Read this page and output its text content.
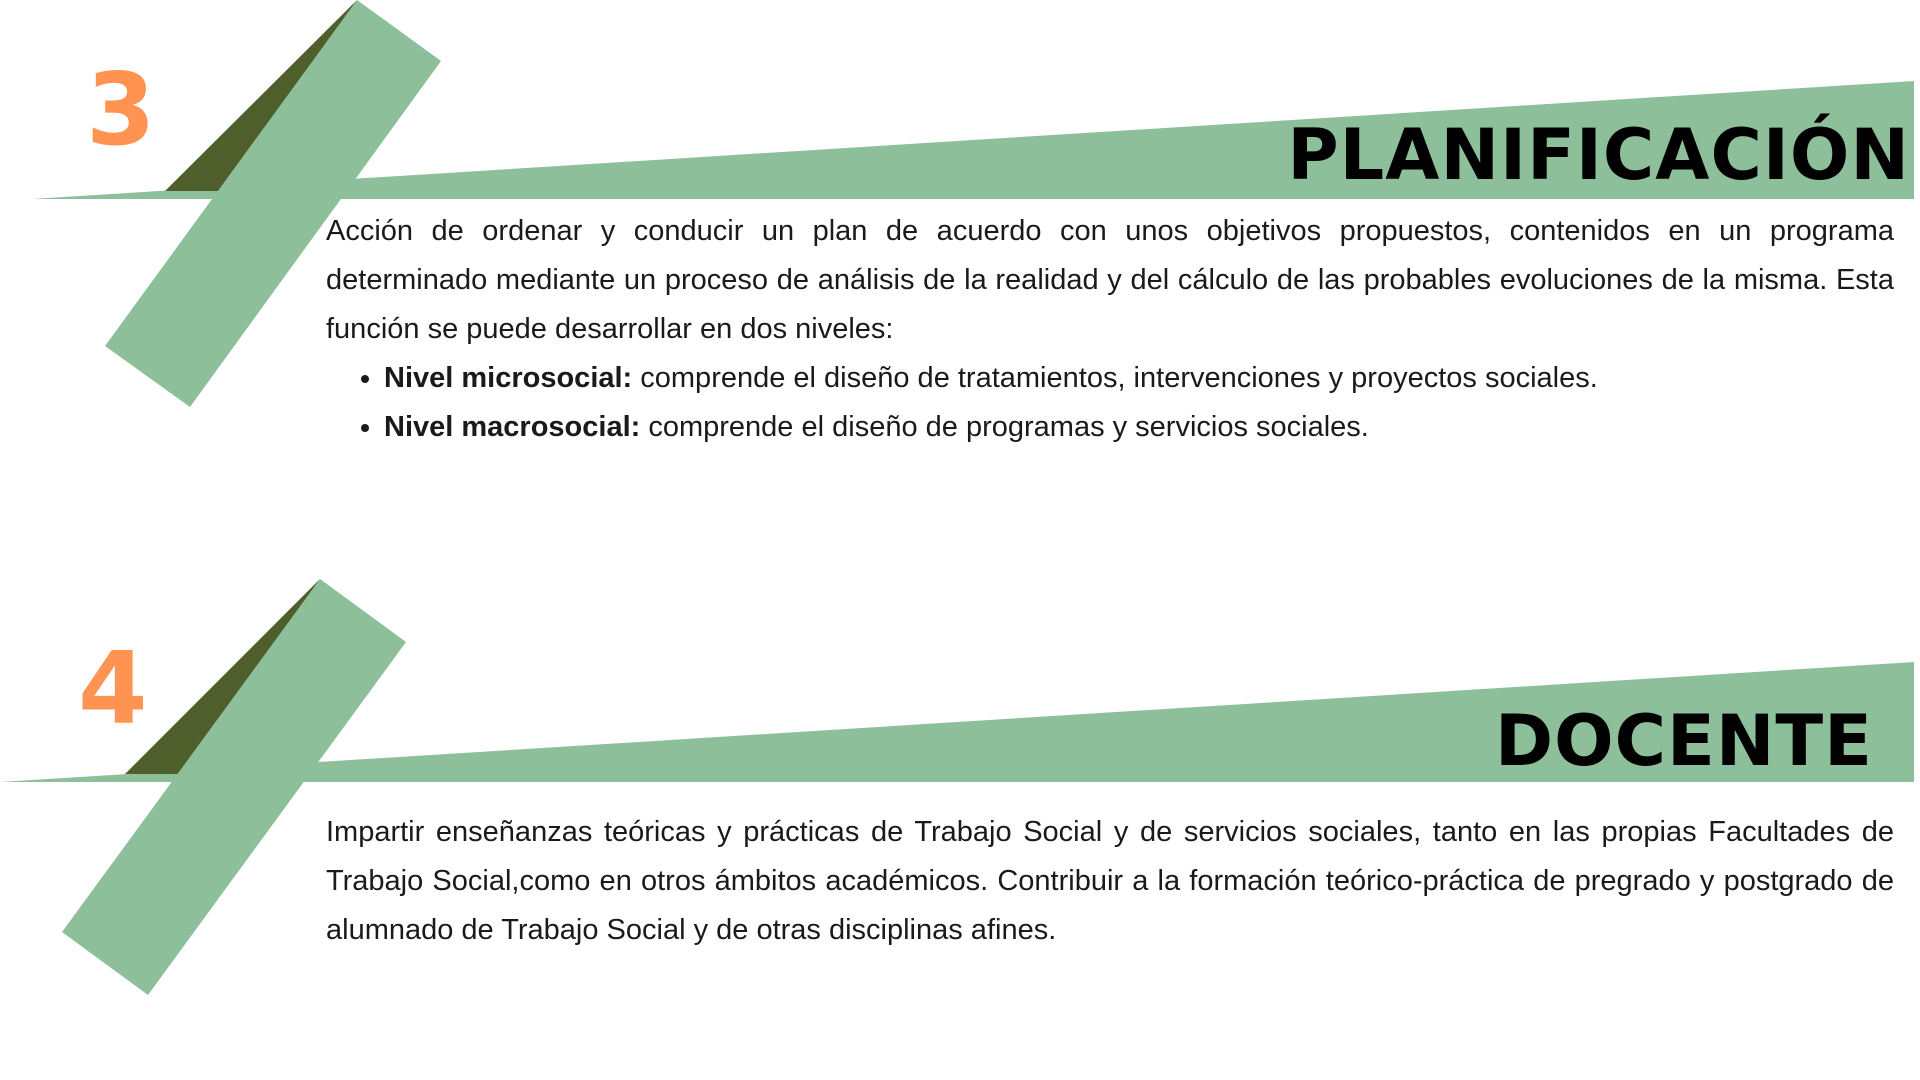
3	PLANIFICACIÓN

Acción de ordenar y conducir un plan de acuerdo con unos objetivos propuestos, contenidos en un programa determinado mediante un proceso de análisis de la realidad y del cálculo de las probables evoluciones de la misma. Esta función se puede desarrollar en dos niveles:

• Nivel microsocial: comprende el diseño de tratamientos, intervenciones y proyectos sociales.
• Nivel macrosocial: comprende el diseño de programas y servicios sociales.
4	DOCENTE

Impartir enseñanzas teóricas y prácticas de Trabajo Social y de servicios sociales, tanto en las propias Facultades de Trabajo Social,como en otros ámbitos académicos. Contribuir a la formación teórico-práctica de pregrado y postgrado de alumnado de Trabajo Social y de otras disciplinas afines.
